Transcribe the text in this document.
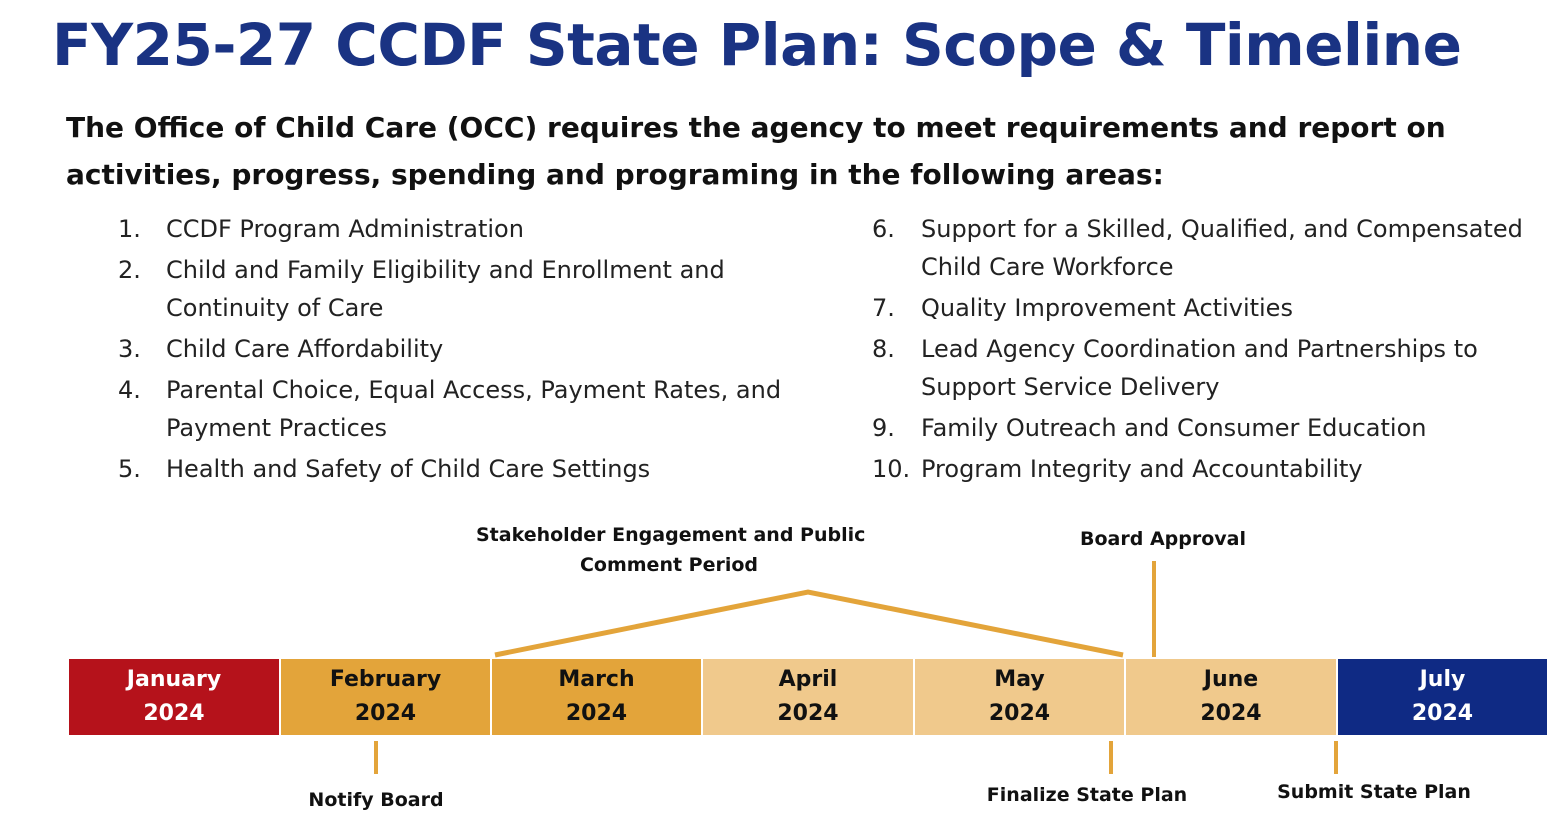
FY25-27 CCDF State Plan: Scope & Timeline
The Office of Child Care (OCC) requires the agency to meet requirements and report on activities, progress, spending and programing in the following areas:
1.	CCDF Program Administration
2.	Child and Family Eligibility and Enrollment and Continuity of Care
3.	Child Care Affordability
4.	Parental Choice, Equal Access, Payment Rates, and Payment Practices
5.	Health and Safety of Child Care Settings
6.	Support for a Skilled, Qualified, and Compensated Child Care Workforce
7.	Quality Improvement Activities
8.	Lead Agency Coordination and Partnerships to Support Service Delivery
9.	Family Outreach and Consumer Education
10. Program Integrity and Accountability
Stakeholder Engagement and Public
Comment Period
Board Approval
January
2024
February
2024
March
2024
April
2024
May
2024
June
2024
July
2024
Notify Board	Finalize State Plan	Submit State Plan
